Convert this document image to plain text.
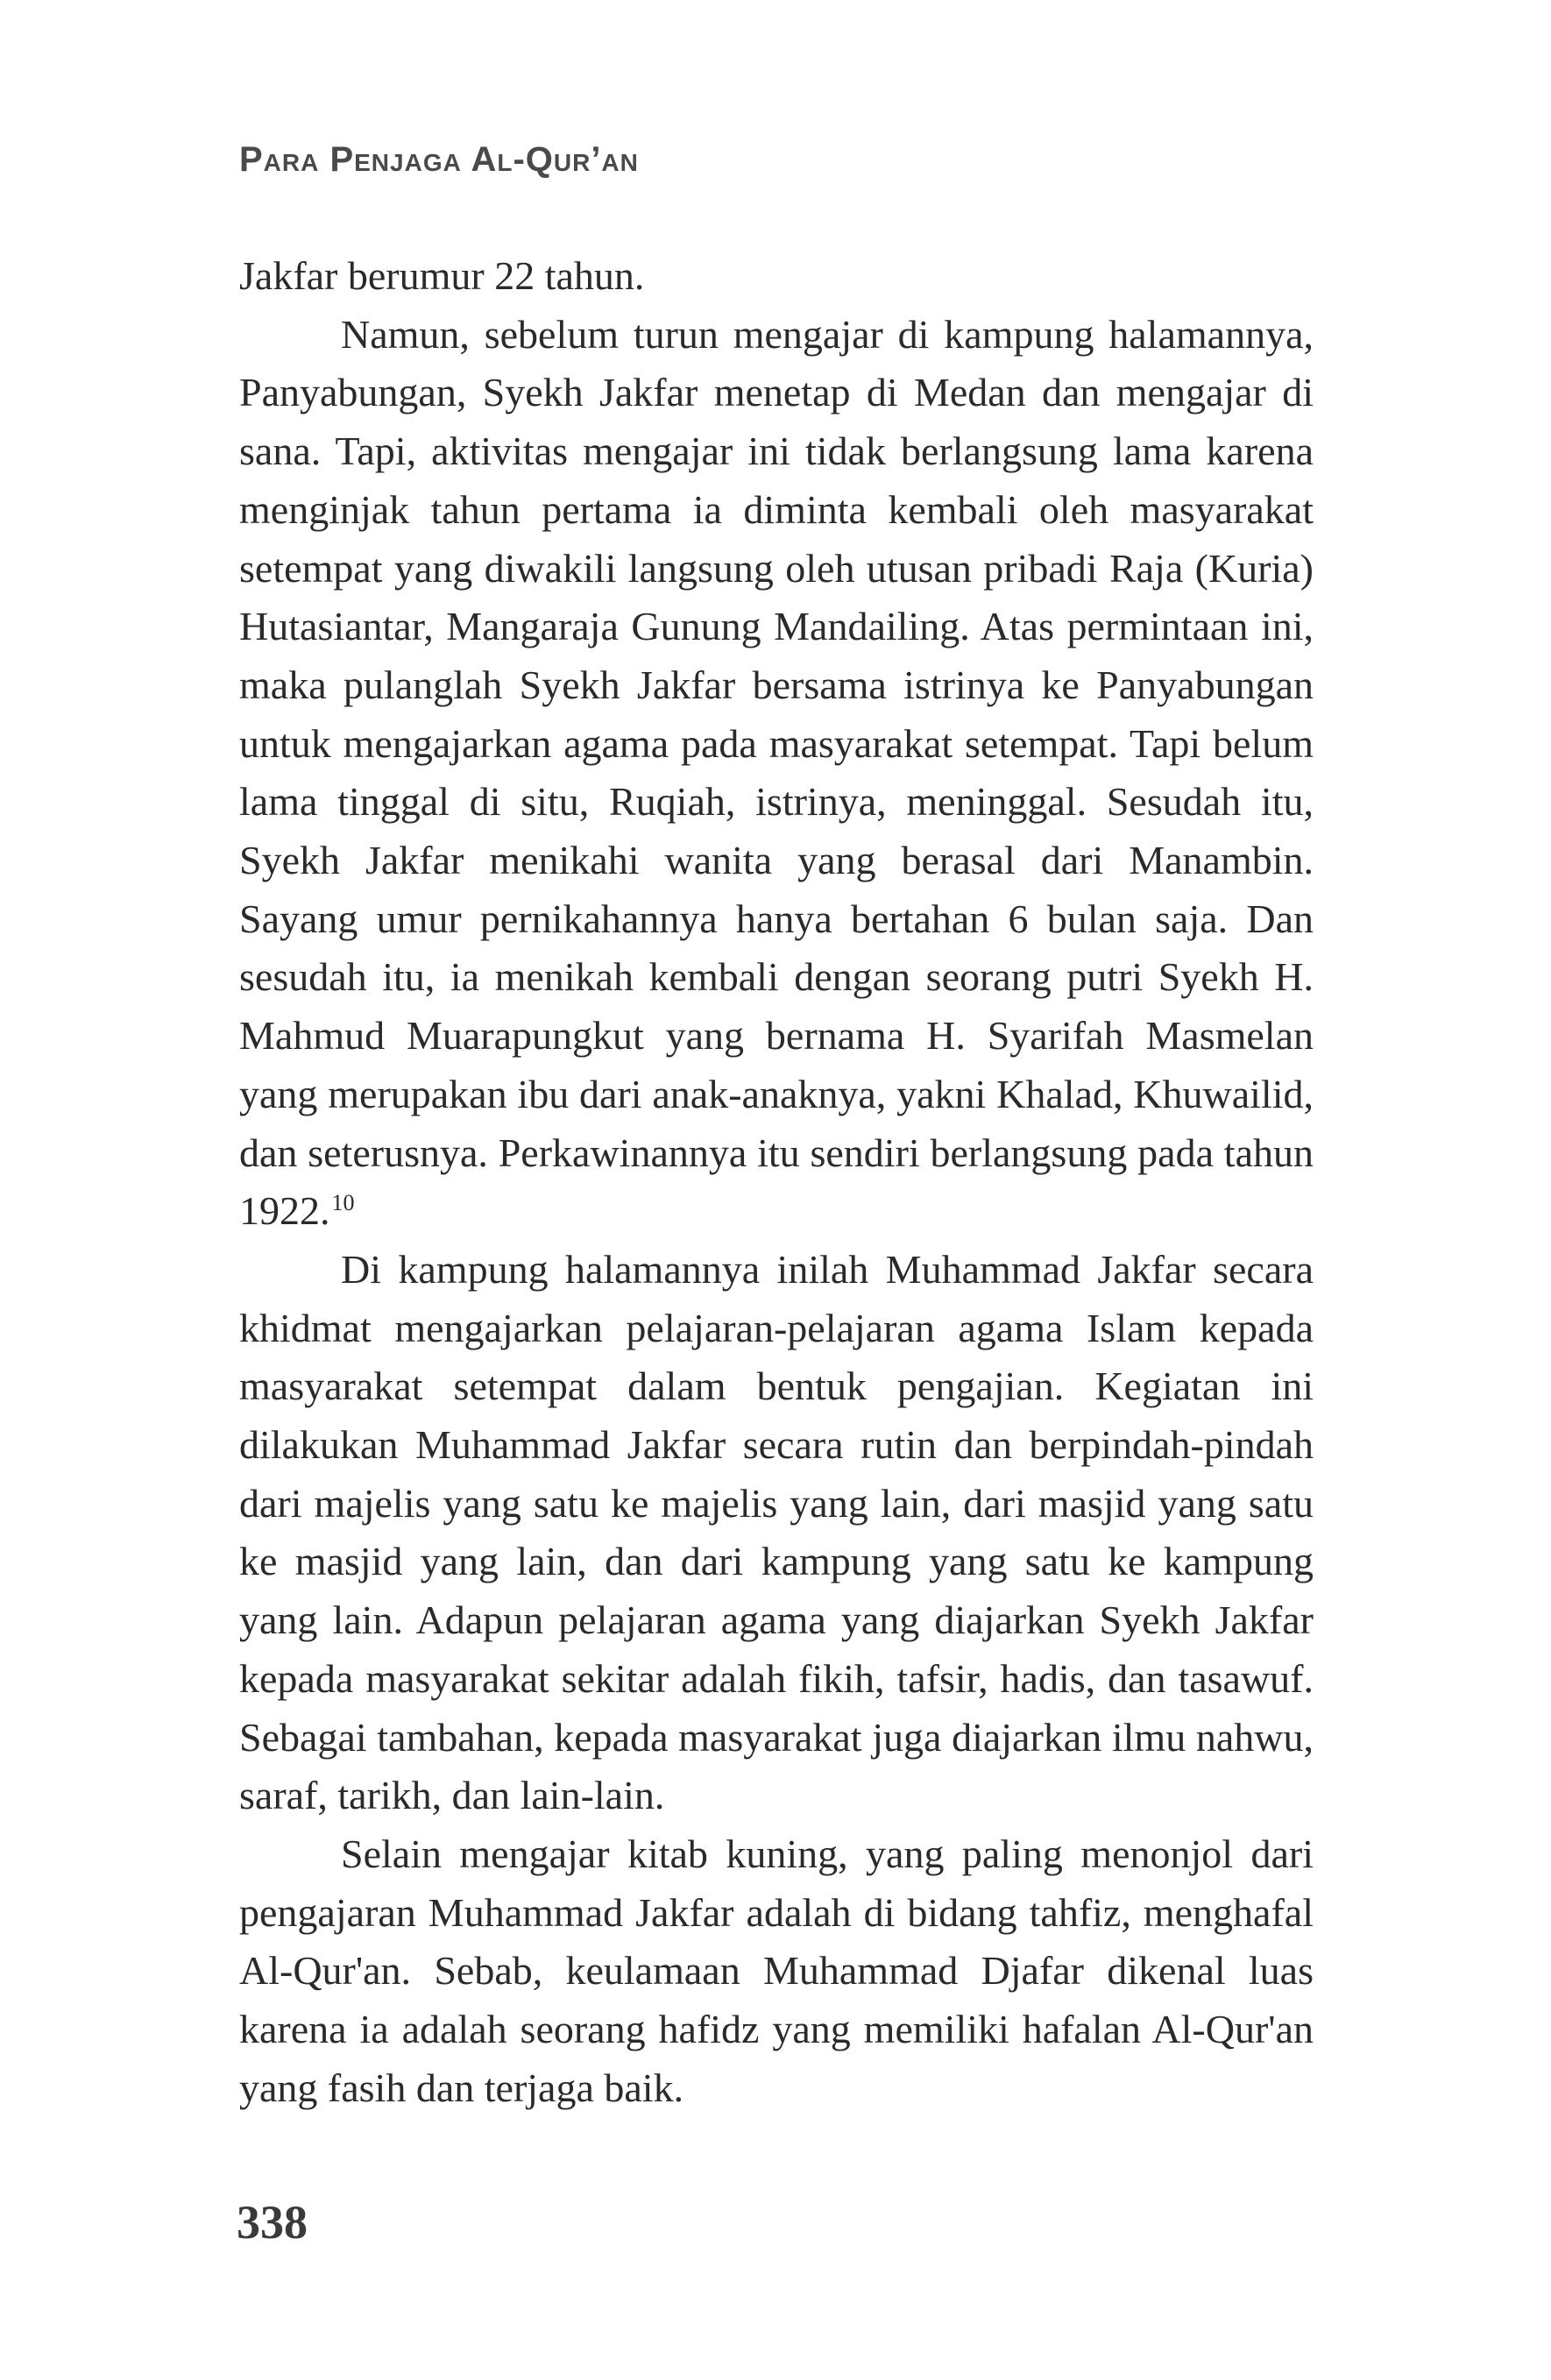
Para Penjaga Al-Qur’an

Jakfar berumur 22 tahun.

Namun, sebelum turun mengajar di kampung halamannya, Panyabungan, Syekh Jakfar menetap di Medan dan mengajar di sana. Tapi, aktivitas mengajar ini tidak berlangsung lama karena menginjak tahun pertama ia diminta kembali oleh masyarakat setempat yang diwakili langsung oleh utusan pribadi Raja (Kuria) Hutasiantar, Mangaraja Gunung Mandailing. Atas permintaan ini, maka pulanglah Syekh Jakfar bersama istrinya ke Panyabungan untuk mengajarkan agama pada masyarakat setempat. Tapi belum lama tinggal di situ, Ruqiah, istrinya, meninggal. Sesudah itu, Syekh Jakfar menikahi wanita yang berasal dari Manambin. Sayang umur pernikahannya hanya bertahan 6 bulan saja. Dan sesudah itu, ia menikah kembali dengan seorang putri Syekh H. Mahmud Muarapungkut yang bernama H. Syarifah Masmelan yang merupakan ibu dari anak-anaknya, yakni Khalad, Khuwailid, dan seterusnya. Perkawinannya itu sendiri berlangsung pada tahun 1922.10

Di kampung halamannya inilah Muhammad Jakfar secara khidmat mengajarkan pelajaran-pelajaran agama Islam kepada masyarakat setempat dalam bentuk pengajian. Kegiatan ini dilakukan Muhammad Jakfar secara rutin dan berpindah-pindah dari majelis yang satu ke majelis yang lain, dari masjid yang satu ke masjid yang lain, dan dari kampung yang satu ke kampung yang lain. Adapun pelajaran agama yang diajarkan Syekh Jakfar kepada masyarakat sekitar adalah fikih, tafsir, hadis, dan tasawuf. Sebagai tambahan, kepada masyarakat juga diajarkan ilmu nahwu, saraf, tarikh, dan lain-lain.

Selain mengajar kitab kuning, yang paling menonjol dari pengajaran Muhammad Jakfar adalah di bidang tahfiz, menghafal Al-Qur'an. Sebab, keulamaan Muhammad Djafar dikenal luas karena ia adalah seorang hafidz yang memiliki hafalan Al-Qur'an yang fasih dan terjaga baik.

338
